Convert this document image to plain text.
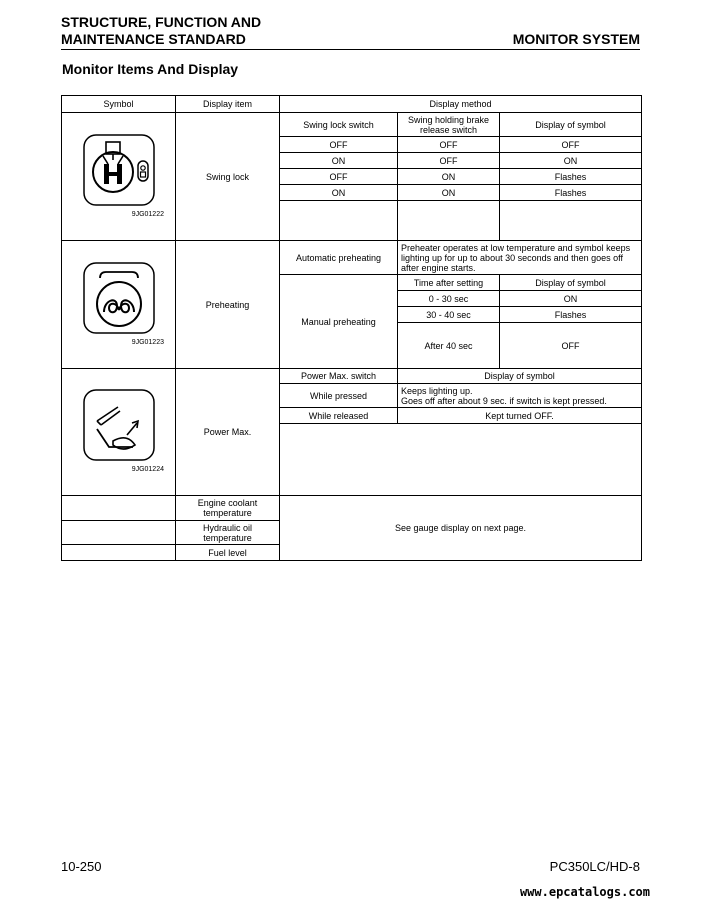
STRUCTURE, FUNCTION AND
MAINTENANCE STANDARD	MONITOR SYSTEM
Monitor Items And Display
Symbol	Display item	Display method		

9JG01222	Swing lock	Swing lock switch	Swing holding brake release switch	Display of symbol
		OFF	OFF	OFF
		ON	OFF	ON
		OFF	ON	Flashes
		ON	ON	Flashes

9JG01223	Preheating	Automatic preheating	Preheater operates at low temperature and symbol keeps lighting up for up to about 30 seconds and then goes off after engine starts.	
		Manual preheating	Time after setting	Display of symbol
			0 - 30 sec	ON
			30 - 40 sec	Flashes
			After 40 sec	OFF

9JG01224	Power Max.	Power Max. switch	Display of symbol	
		While pressed	Keeps lighting up.
Goes off after about 9 sec. if switch is kept pressed.	

		While released	Kept turned OFF.	

	Engine coolant temperature	See gauge display on next page.		
	Hydraulic oil temperature			
	Fuel level			
10-250	PC350LC/HD-8
www.epcatalogs.com
